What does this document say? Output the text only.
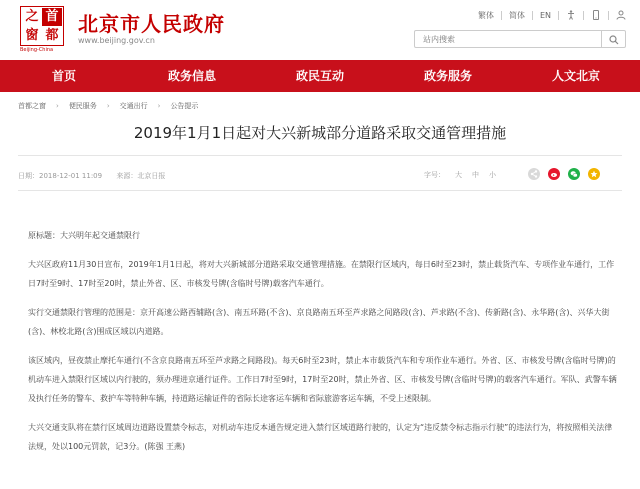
之 首
窗 都
Beijing-China
北京市人民政府
www.beijing.gov.cn
繁体 简体 EN
站内搜索
首页	政务信息	政民互动	政务服务	人文北京
首都之窗 › 便民服务 › 交通出行 › 公告提示
2019年1月1日起对大兴新城部分道路采取交通管理措施
日期：2018-12-01 11:09 来源：北京日报	字号： 大 中 小

原标题：大兴明年起交通禁限行

大兴区政府11月30日宣布，2019年1月1日起，将对大兴新城部分道路采取交通管理措施。在禁限行区域内，每日6时至23时，禁止载货汽车、专项作业车通行，工作日7时至9时、17时至20时，禁止外省、区、市核发号牌(含临时号牌)载客汽车通行。

实行交通禁限行管理的范围是：京开高速公路西辅路(含)、南五环路(不含)、京良路南五环至芦求路之间路段(含)、芦求路(不含)、传新路(含)、永华路(含)、兴华大街(含)、林校北路(含)围成区域以内道路。

该区域内，昼夜禁止摩托车通行(不含京良路南五环至芦求路之间路段)。每天6时至23时，禁止本市载货汽车和专项作业车通行。外省、区、市核发号牌(含临时号牌)的机动车进入禁限行区域以内行驶的，须办理进京通行证件。工作日7时至9时，17时至20时，禁止外省、区、市核发号牌(含临时号牌)的载客汽车通行。军队、武警车辆及执行任务的警车、救护车等特种车辆，持道路运输证件的省际长途客运车辆和省际旅游客运车辆，不受上述限制。

大兴交通支队将在禁行区域周边道路设置禁令标志，对机动车违反本通告规定进入禁行区域道路行驶的，认定为“违反禁令标志指示行驶”的违法行为，将按照相关法律法规，处以100元罚款，记3分。(陈强 王燕)
